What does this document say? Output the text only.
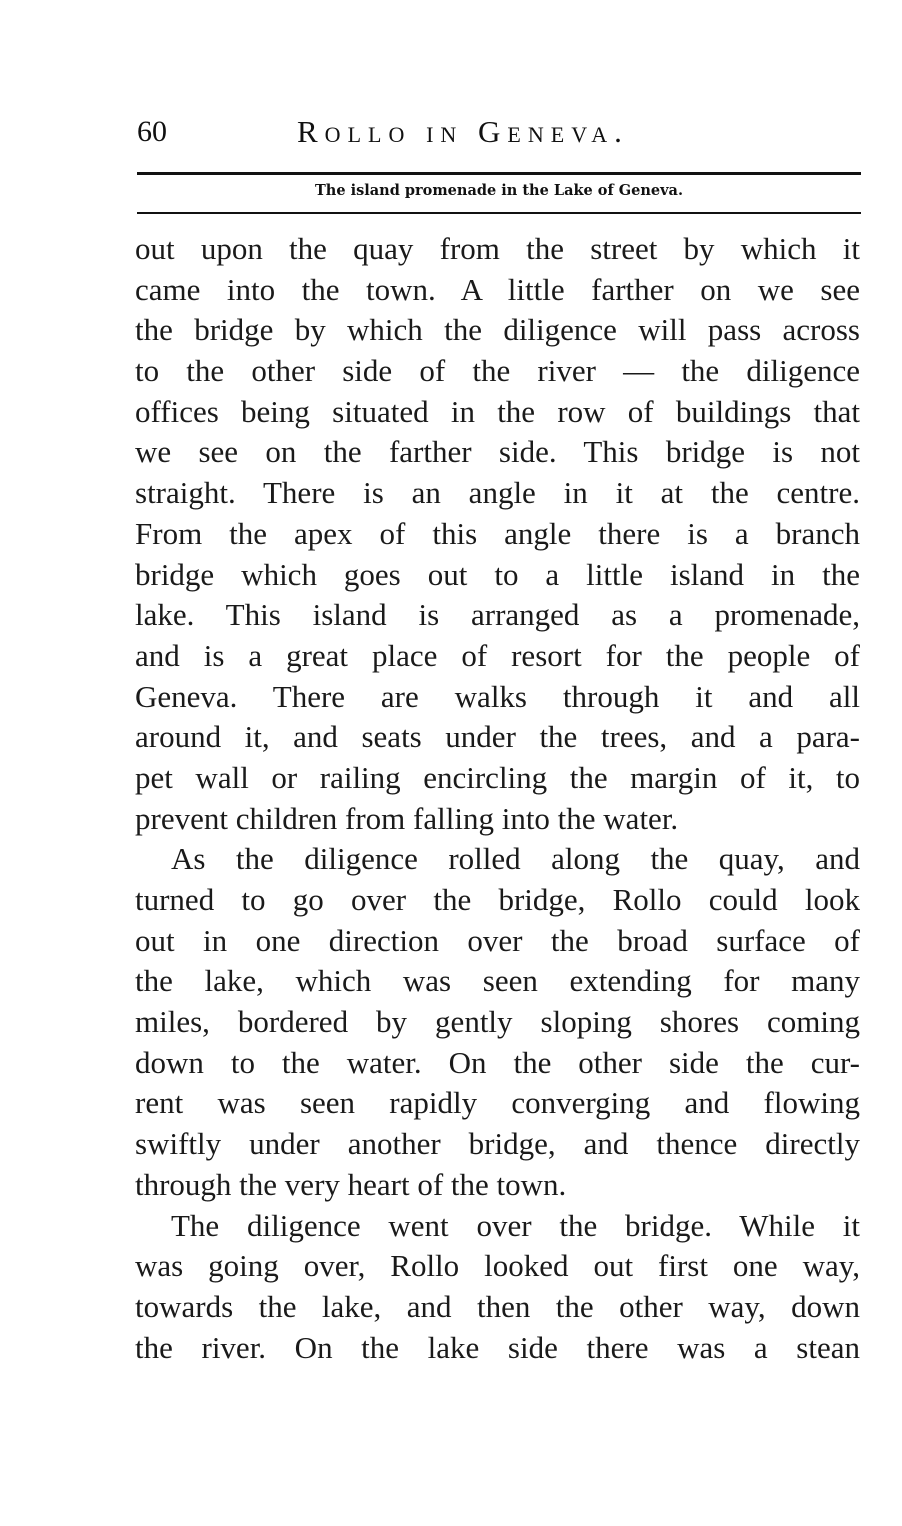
60	Rollo in Geneva.
The island promenade in the Lake of Geneva.
out upon the quay from the street by which it
came into the town. A little farther on we see
the bridge by which the diligence will pass across
to the other side of the river — the diligence
offices being situated in the row of buildings that
we see on the farther side. This bridge is not
straight. There is an angle in it at the centre.
From the apex of this angle there is a branch
bridge which goes out to a little island in the
lake. This island is arranged as a promenade,
and is a great place of resort for the people of
Geneva. There are walks through it and all
around it, and seats under the trees, and a para-
pet wall or railing encircling the margin of it, to
prevent children from falling into the water.
As the diligence rolled along the quay, and
turned to go over the bridge, Rollo could look
out in one direction over the broad surface of
the lake, which was seen extending for many
miles, bordered by gently sloping shores coming
down to the water. On the other side the cur-
rent was seen rapidly converging and flowing
swiftly under another bridge, and thence directly
through the very heart of the town.
The diligence went over the bridge. While it
was going over, Rollo looked out first one way,
towards the lake, and then the other way, down
the river. On the lake side there was a stean
